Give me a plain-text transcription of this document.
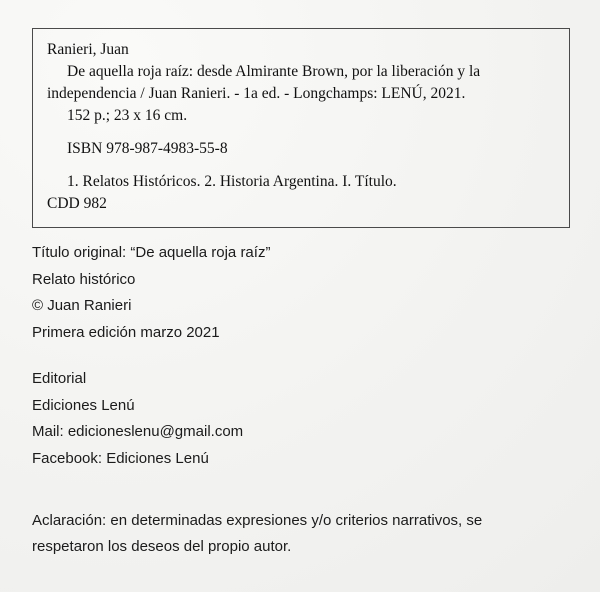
Ranieri, Juan

De aquella roja raíz: desde Almirante Brown, por la liberación y la

independencia / Juan Ranieri. - 1a ed. - Longchamps: LENÚ, 2021.

152 p.; 23 x 16 cm.

ISBN 978-987-4983-55-8

1. Relatos Históricos. 2. Historia Argentina. I. Título.

CDD 982

Título original: “De aquella roja raíz”
Relato histórico
© Juan Ranieri
Primera edición marzo 2021
Editorial
Ediciones Lenú
Mail: edicioneslenu@gmail.com
Facebook: Ediciones Lenú
Aclaración: en determinadas expresiones y/o criterios narrativos, se
respetaron los deseos del propio autor.
